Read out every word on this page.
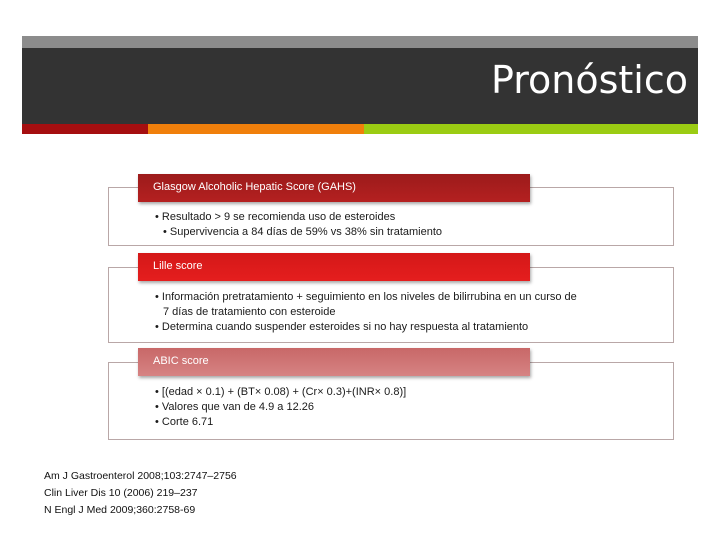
Pronóstico

• Resultado > 9 se recomienda uso de esteroides

• Supervivencia a 84 días de 59% vs 38% sin tratamiento

Glasgow Alcoholic Hepatic Score (GAHS)

• Información pretratamiento + seguimiento en los niveles de bilirrubina en un curso de

7 días de tratamiento con esteroide

• Determina cuando suspender esteroides si no hay respuesta al tratamiento

Lille score

• [(edad × 0.1) + (BT× 0.08) + (Cr× 0.3)+(INR× 0.8)]

• Valores que van de 4.9 a 12.26

• Corte 6.71

ABIC score

Am J Gastroenterol 2008;103:2747–2756

Clin Liver Dis 10 (2006) 219–237

N Engl J Med 2009;360:2758-69
